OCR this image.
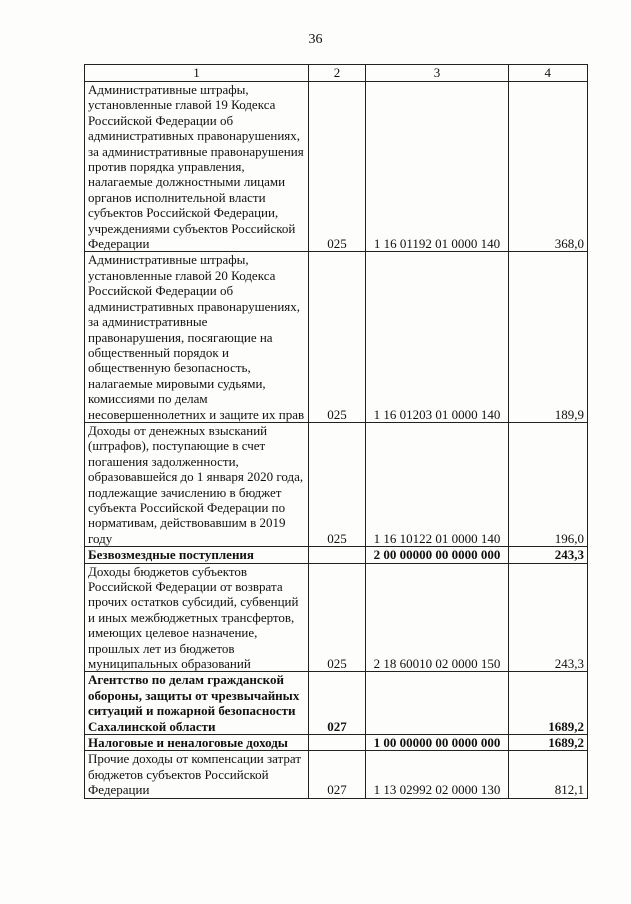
36
1	2	3	4
Административные штрафы, установленные главой 19 Кодекса Российской Федерации об административных правонарушениях, за административные правонарушения против порядка управления, налагаемые должностными лицами органов исполнительной власти субъектов Российской Федерации, учреждениями субъектов Российской Федерации	025	1 16 01192 01 0000 140	368,0
Административные штрафы, установленные главой 20 Кодекса Российской Федерации об административных правонарушениях, за административные правонарушения, посягающие на общественный порядок и общественную безопасность, налагаемые мировыми судьями, комиссиями по делам несовершеннолетних и защите их прав	025	1 16 01203 01 0000 140	189,9
Доходы от денежных взысканий (штрафов), поступающие в счет погашения задолженности, образовавшейся до 1 января 2020 года, подлежащие зачислению в бюджет субъекта Российской Федерации по нормативам, действовавшим в 2019 году	025	1 16 10122 01 0000 140	196,0
Безвозмездные поступления		2 00 00000 00 0000 000	243,3
Доходы бюджетов субъектов Российской Федерации от возврата прочих остатков субсидий, субвенций и иных межбюджетных трансфертов, имеющих целевое назначение, прошлых лет из бюджетов муниципальных образований	025	2 18 60010 02 0000 150	243,3
Агентство по делам гражданской обороны, защиты от чрезвычайных ситуаций и пожарной безопасности Сахалинской области	027		1689,2
Налоговые и неналоговые доходы		1 00 00000 00 0000 000	1689,2
Прочие доходы от компенсации затрат бюджетов субъектов Российской Федерации	027	1 13 02992 02 0000 130	812,1
